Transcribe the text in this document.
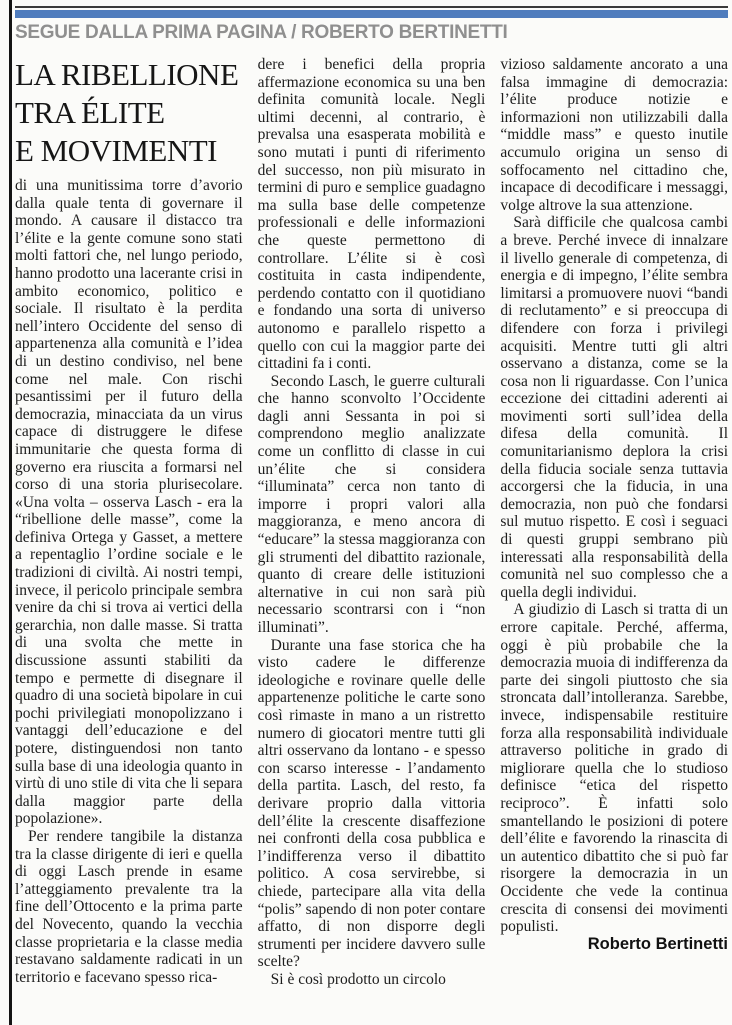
SEGUE DALLA PRIMA PAGINA / ROBERTO BERTINETTI
LA RIBELLIONE
TRA ÉLITE
E MOVIMENTI

di una munitissima torre d’avorio dalla quale tenta di governare il mondo. A causare il distacco tra l’élite e la gente comune sono stati molti fattori che, nel lungo periodo, hanno prodotto una lacerante crisi in ambito economico, politico e sociale. Il risultato è la perdita nell’intero Occidente del senso di appartenenza alla comunità e l’idea di un destino condiviso, nel bene come nel male. Con rischi pesantissimi per il futuro della democrazia, minacciata da un virus capace di distruggere le difese immunitarie che questa forma di governo era riuscita a formarsi nel corso di una storia plurisecolare. «Una volta – osserva Lasch - era la “ribellione delle masse”, come la definiva Ortega y Gasset, a mettere a repentaglio l’ordine sociale e le tradizioni di civiltà. Ai nostri tempi, invece, il pericolo principale sembra venire da chi si trova ai vertici della gerarchia, non dalle masse. Si tratta di una svolta che mette in discussione assunti stabiliti da tempo e permette di disegnare il quadro di una società bipolare in cui pochi privilegiati monopolizzano i vantaggi dell’educazione e del potere, distinguendosi non tanto sulla base di una ideologia quanto in virtù di uno stile di vita che li separa dalla maggior parte della popolazione».

Per rendere tangibile la distanza tra la classe dirigente di ieri e quella di oggi Lasch prende in esame l’atteggiamento prevalente tra la fine dell’Ottocento e la prima parte del Novecento, quando la vecchia classe proprietaria e la classe media restavano saldamente radicati in un territorio e facevano spesso rica-

dere i benefici della propria affermazione economica su una ben definita comunità locale. Negli ultimi decenni, al contrario, è prevalsa una esasperata mobilità e sono mutati i punti di riferimento del successo, non più misurato in termini di puro e semplice guadagno ma sulla base delle competenze professionali e delle informazioni che queste permettono di controllare. L’élite si è così costituita in casta indipendente, perdendo contatto con il quotidiano e fondando una sorta di universo autonomo e parallelo rispetto a quello con cui la maggior parte dei cittadini fa i conti.

Secondo Lasch, le guerre culturali che hanno sconvolto l’Occidente dagli anni Sessanta in poi si comprendono meglio analizzate come un conflitto di classe in cui un’élite che si considera “illuminata” cerca non tanto di imporre i propri valori alla maggioranza, e meno ancora di “educare” la stessa maggioranza con gli strumenti del dibattito razionale, quanto di creare delle istituzioni alternative in cui non sarà più necessario scontrarsi con i “non illuminati”.

Durante una fase storica che ha visto cadere le differenze ideologiche e rovinare quelle delle appartenenze politiche le carte sono così rimaste in mano a un ristretto numero di giocatori mentre tutti gli altri osservano da lontano - e spesso con scarso interesse - l’andamento della partita. Lasch, del resto, fa derivare proprio dalla vittoria dell’élite la crescente disaffezione nei confronti della cosa pubblica e l’indifferenza verso il dibattito politico. A cosa servirebbe, si chiede, partecipare alla vita della “polis” sapendo di non poter contare affatto, di non disporre degli strumenti per incidere davvero sulle scelte?

Si è così prodotto un circolo

vizioso saldamente ancorato a una falsa immagine di democrazia: l’élite produce notizie e informazioni non utilizzabili dalla “middle mass” e questo inutile accumulo origina un senso di soffocamento nel cittadino che, incapace di decodificare i messaggi, volge altrove la sua attenzione.

Sarà difficile che qualcosa cambi a breve. Perché invece di innalzare il livello generale di competenza, di energia e di impegno, l’élite sembra limitarsi a promuovere nuovi “bandi di reclutamento” e si preoccupa di difendere con forza i privilegi acquisiti. Mentre tutti gli altri osservano a distanza, come se la cosa non li riguardasse. Con l’unica eccezione dei cittadini aderenti ai movimenti sorti sull’idea della difesa della comunità. Il comunitarianismo deplora la crisi della fiducia sociale senza tuttavia accorgersi che la fiducia, in una democrazia, non può che fondarsi sul mutuo rispetto. E così i seguaci di questi gruppi sembrano più interessati alla responsabilità della comunità nel suo complesso che a quella degli individui.

A giudizio di Lasch si tratta di un errore capitale. Perché, afferma, oggi è più probabile che la democrazia muoia di indifferenza da parte dei singoli piuttosto che sia stroncata dall’intolleranza. Sarebbe, invece, indispensabile restituire forza alla responsabilità individuale attraverso politiche in grado di migliorare quella che lo studioso definisce “etica del rispetto reciproco”. È infatti solo smantellando le posizioni di potere dell’élite e favorendo la rinascita di un autentico dibattito che si può far risorgere la democrazia in un Occidente che vede la continua crescita di consensi dei movimenti populisti.

Roberto Bertinetti
